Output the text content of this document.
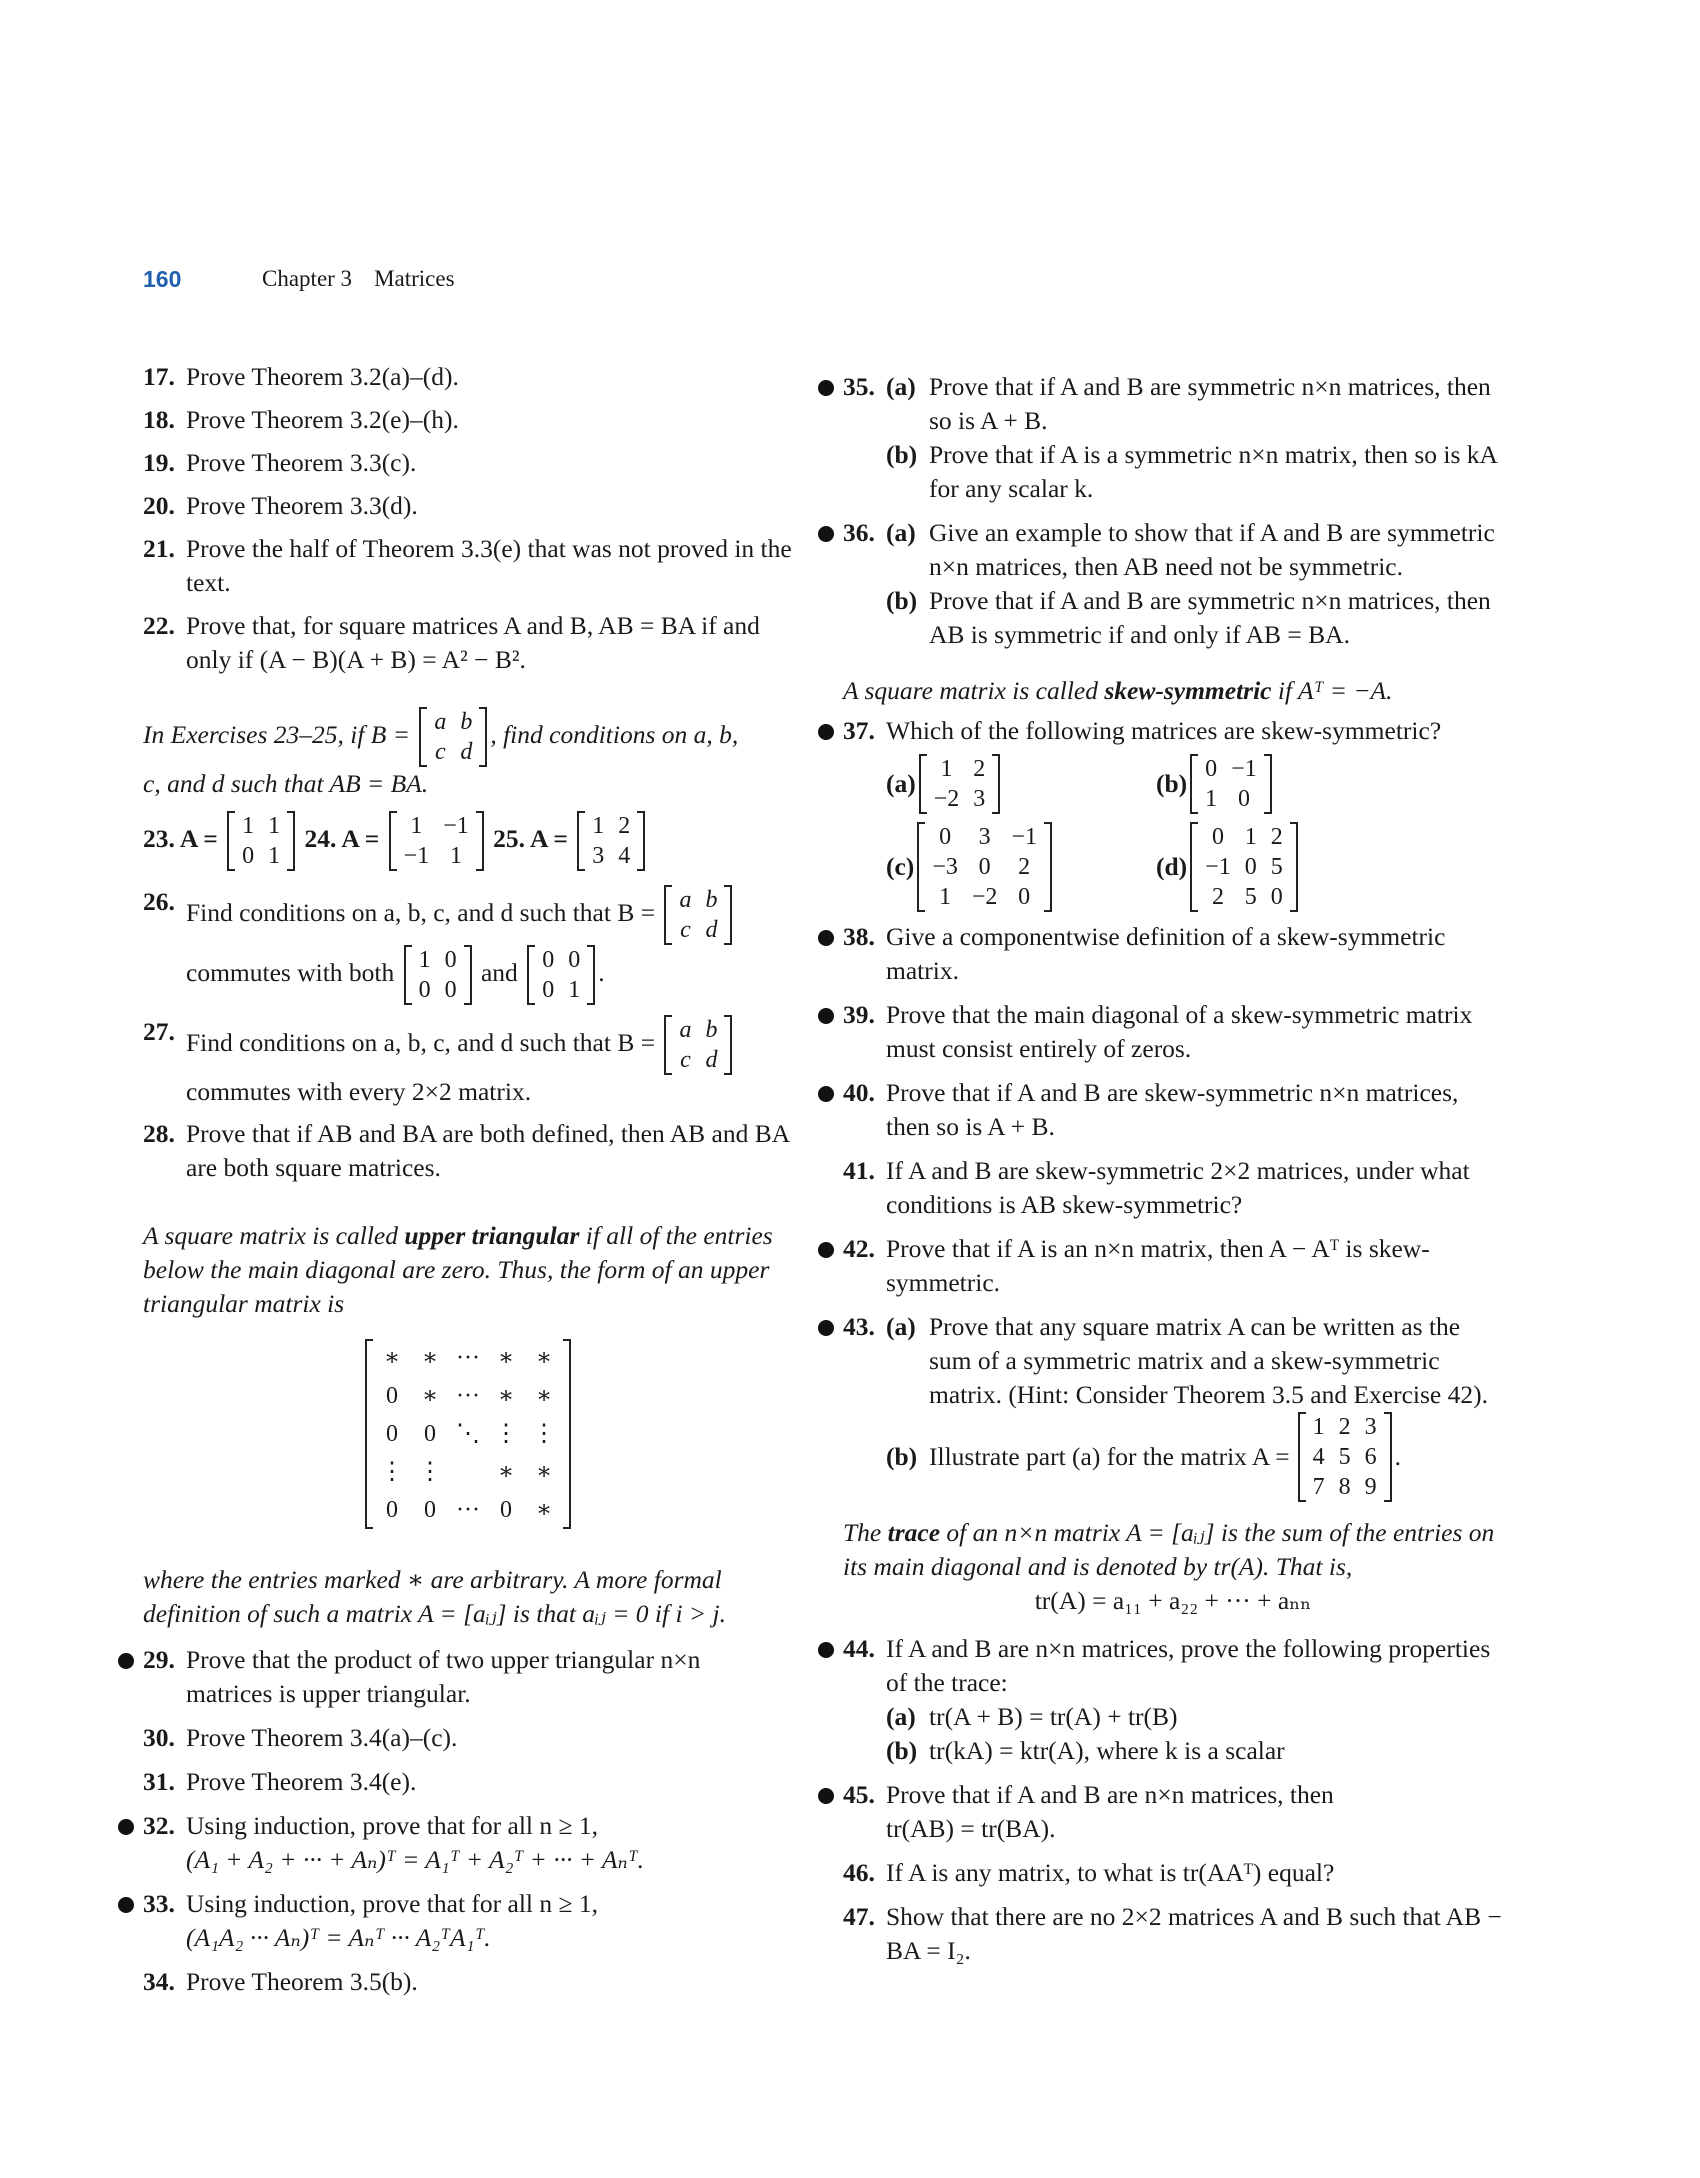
160	Chapter 3 Matrices

17. Prove Theorem 3.2(a)–(d).

18. Prove Theorem 3.2(e)–(h).

19. Prove Theorem 3.3(c).

20. Prove Theorem 3.3(d).

21. Prove the half of Theorem 3.3(e) that was not proved in the text.

22. Prove that, for square matrices A and B, AB = BA if and only if (A − B)(A + B) = A² − B².

In Exercises 23–25, if B = a	b
c	d
, find conditions on a, b,
c, and d such that AB = BA.
23. A = 1	1
0	1
24. A = 1	−1
−1	1
25. A = 1	2
3	4
26. Find conditions on a, b, c, and d such that B = a	b
c	d

commutes with both 1	0
0	0
and 0	0
0	1
.
27. Find conditions on a, b, c, and d such that B = a	b
c	d

commutes with every 2×2 matrix.

28. Prove that if AB and BA are both defined, then AB and BA are both square matrices.

A square matrix is called upper triangular if all of the entries below the main diagonal are zero. Thus, the form of an upper triangular matrix is
∗	∗	···	∗	∗
0	∗	···	∗	∗
0	0	⋱	⋮	⋮
⋮	⋮		∗	∗
0	0	···	0	∗

where the entries marked ∗ are arbitrary. A more formal definition of such a matrix A = [aᵢⱼ] is that aᵢⱼ = 0 if i > j.

29. Prove that the product of two upper triangular n×n matrices is upper triangular.

30. Prove Theorem 3.4(a)–(c).

31. Prove Theorem 3.4(e).

32. Using induction, prove that for all n ≥ 1,
(A₁ + A₂ + ··· + Aₙ)ᵀ = A₁ᵀ + A₂ᵀ + ··· + Aₙᵀ.

33. Using induction, prove that for all n ≥ 1,
(A₁A₂ ··· Aₙ)ᵀ = Aₙᵀ ··· A₂ᵀA₁ᵀ.

34. Prove Theorem 3.5(b).

35. (a) Prove that if A and B are symmetric n×n matrices, then so is A + B.
(b) Prove that if A is a symmetric n×n matrix, then so is kA for any scalar k.
36. (a) Give an example to show that if A and B are symmetric n×n matrices, then AB need not be symmetric.
(b) Prove that if A and B are symmetric n×n matrices, then AB is symmetric if and only if AB = BA.

A square matrix is called skew-symmetric if Aᵀ = −A.

37. Which of the following matrices are skew-symmetric?

(a) 1	2
−2	3
(b) 0	−1
1	0
(c)
0	3	−1
−3	0	2
1	−2	0
(d)
0	1	2
−1	0	5
2	5	0

38. Give a componentwise definition of a skew-symmetric matrix.

39. Prove that the main diagonal of a skew-symmetric matrix must consist entirely of zeros.

40. Prove that if A and B are skew-symmetric n×n matrices, then so is A + B.

41. If A and B are skew-symmetric 2×2 matrices, under what conditions is AB skew-symmetric?

42. Prove that if A is an n×n matrix, then A − Aᵀ is skew-symmetric.

43. (a) Prove that any square matrix A can be written as the sum of a symmetric matrix and a skew-symmetric matrix. (Hint: Consider Theorem 3.5 and Exercise 42).
(b) Illustrate part (a) for the matrix A =
1	2	3
4	5	6
7	8	9
.
The trace of an n×n matrix A = [aᵢⱼ] is the sum of the entries on its main diagonal and is denoted by tr(A). That is,
tr(A) = a₁₁ + a₂₂ + ··· + aₙₙ
44. If A and B are n×n matrices, prove the following properties of the trace:
(a) tr(A + B) = tr(A) + tr(B)
(b) tr(kA) = ktr(A), where k is a scalar

45. Prove that if A and B are n×n matrices, then
tr(AB) = tr(BA).

46. If A is any matrix, to what is tr(AAᵀ) equal?

47. Show that there are no 2×2 matrices A and B such that AB − BA = I₂.
